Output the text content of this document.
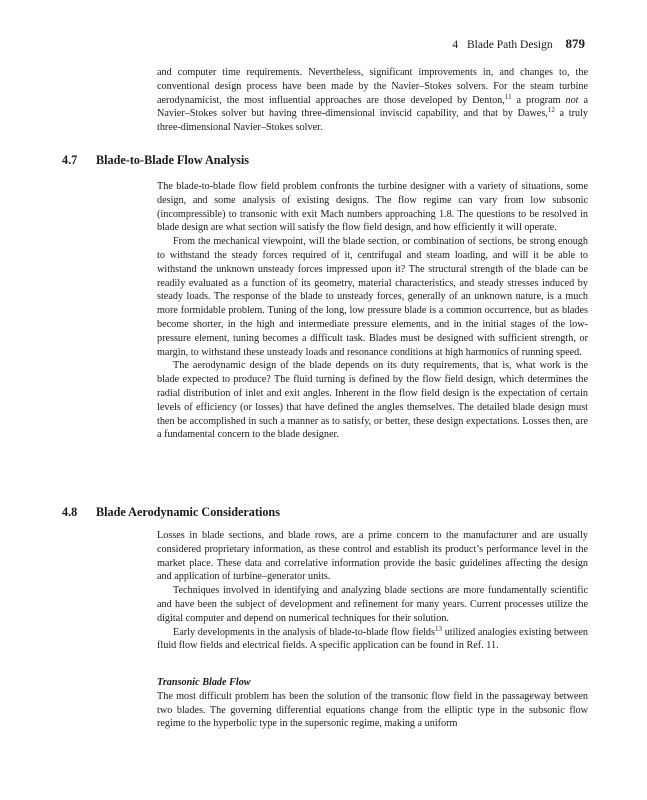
4 Blade Path Design 879

and computer time requirements. Nevertheless, significant improvements in, and changes to, the conventional design process have been made by the Navier–Stokes solvers. For the steam turbine aerodynamicist, the most influential approaches are those developed by Denton,$^{11}$ a program not a Navier–Stokes solver but having three-dimensional inviscid capability, and that by Dawes,$^{12}$ a truly three-dimensional Navier–Stokes solver.

4.7 Blade-to-Blade Flow Analysis

The blade-to-blade flow field problem confronts the turbine designer with a variety of situations, some design, and some analysis of existing designs. The flow regime can vary from low subsonic (incompressible) to transonic with exit Mach numbers approaching 1.8. The questions to be resolved in blade design are what section will satisfy the flow field design, and how efficiently it will operate.

From the mechanical viewpoint, will the blade section, or combination of sections, be strong enough to withstand the steady forces required of it, centrifugal and steam loading, and will it be able to withstand the unknown unsteady forces impressed upon it? The structural strength of the blade can be readily evaluated as a function of its geometry, material characteristics, and steady stresses induced by steady loads. The response of the blade to unsteady forces, generally of an unknown nature, is a much more formidable problem. Tuning of the long, low pressure blade is a common occurrence, but as blades become shorter, in the high and intermediate pressure elements, and in the initial stages of the low-pressure element, tuning becomes a difficult task. Blades must be designed with sufficient strength, or margin, to withstand these unsteady loads and resonance conditions at high harmonics of running speed.

The aerodynamic design of the blade depends on its duty requirements, that is, what work is the blade expected to produce? The fluid turning is defined by the flow field design, which determines the radial distribution of inlet and exit angles. Inherent in the flow field design is the expectation of certain levels of efficiency (or losses) that have defined the angles themselves. The detailed blade design must then be accomplished in such a manner as to satisfy, or better, these design expectations. Losses then, are a fundamental concern to the blade designer.

4.8 Blade Aerodynamic Considerations

Losses in blade sections, and blade rows, are a prime concern to the manufacturer and are usually considered proprietary information, as these control and establish its product’s performance level in the market place. These data and correlative information provide the basic guidelines affecting the design and application of turbine–generator units.

Techniques involved in identifying and analyzing blade sections are more fundamentally scientific and have been the subject of development and refinement for many years. Current processes utilize the digital computer and depend on numerical techniques for their solution.

Early developments in the analysis of blade-to-blade flow fields$^{13}$ utilized analogies existing between fluid flow fields and electrical fields. A specific application can be found in Ref. 11.

Transonic Blade Flow

The most difficult problem has been the solution of the transonic flow field in the passageway between two blades. The governing differential equations change from the elliptic type in the subsonic flow regime to the hyperbolic type in the supersonic regime, making a uniform
